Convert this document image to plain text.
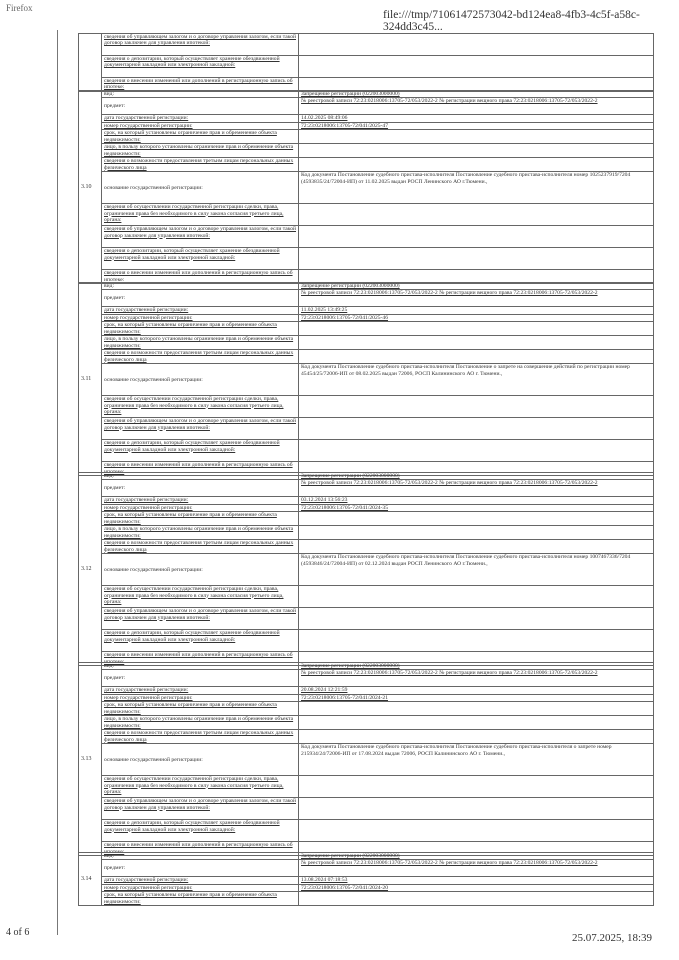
Firefox
file:///tmp/71061472573042-bd124ea8-4fb3-4c5f-a58c-324dd3c45...
	сведения об управляющем залогом и о договоре управления залогом, если такой договор заключен для управления ипотекой:	
	сведения о депозитарии, который осуществляет хранение обездвиженной документарной закладной или электронной закладной:	
	сведения о внесении изменений или дополнений в регистрационную запись об ипотеке:	
3.10	вид:	Запрещение регистрации (022003000000)
	предмет:	№ реестровой записи 72:23:0218006:13705-72/053/2022-2 № регистрации вещного права 72:23:0218006:13705-72/053/2022-2
	дата государственной регистрации:	14.02.2025 08:49:06
	номер государственной регистрации:	72:23:0218006:13705-72/041/2025-47
	срок, на который установлены ограничение прав и обременение объекта недвижимости:	
	лицо, в пользу которого установлены ограничение прав и обременение объекта недвижимости:	
	сведения о возможности предоставления третьим лицам персональных данных физического лица	
	основание государственной регистрации:	Код документа Постановление судебного пристава-исполнителя Постановление судебного пристава-исполнителя номер 1025237919/7204 (4593835/24/72004-ИП) от 11.02.2025 выдан РОСП Ленинского АО г.Тюмени.,
	сведения об осуществлении государственной регистрации сделки, права, ограничения права без необходимого в силу закона согласия третьего лица, органа:	
	сведения об управляющем залогом и о договоре управления залогом, если такой договор заключен для управления ипотекой:	
	сведения о депозитарии, который осуществляет хранение обездвиженной документарной закладной или электронной закладной:	
	сведения о внесении изменений или дополнений в регистрационную запись об ипотеке:	
3.11	вид:	Запрещение регистрации (022003000000)
	предмет:	№ реестровой записи 72:23:0218006:13705-72/053/2022-2 № регистрации вещного права 72:23:0218006:13705-72/053/2022-2
	дата государственной регистрации:	11.02.2025 13:49:25
	номер государственной регистрации:	72:23:0218006:13705-72/041/2025-46
	срок, на который установлены ограничение прав и обременение объекта недвижимости:	
	лицо, в пользу которого установлены ограничение прав и обременение объекта недвижимости:	
	сведения о возможности предоставления третьим лицам персональных данных физического лица	
	основание государственной регистрации:	Код документа Постановление судебного пристава-исполнителя Постановление о запрете на совершение действий по регистрации номер 45454/25/72006-ИП от 08.02.2025 выдан 72006, РОСП Калининского АО г. Тюмени.,
	сведения об осуществлении государственной регистрации сделки, права, ограничения права без необходимого в силу закона согласия третьего лица, органа:	
	сведения об управляющем залогом и о договоре управления залогом, если такой договор заключен для управления ипотекой:	
	сведения о депозитарии, который осуществляет хранение обездвиженной документарной закладной или электронной закладной:	
	сведения о внесении изменений или дополнений в регистрационную запись об ипотеке:	
3.12	вид:	Запрещение регистрации (022003000000)
	предмет:	№ реестровой записи 72:23:0218006:13705-72/053/2022-2 № регистрации вещного права 72:23:0218006:13705-72/053/2022-2
	дата государственной регистрации:	03.12.2024 13:56:23
	номер государственной регистрации:	72:23:0218006:13705-72/041/2024-35
	срок, на который установлены ограничение прав и обременение объекта недвижимости:	
	лицо, в пользу которого установлены ограничение прав и обременение объекта недвижимости:	
	сведения о возможности предоставления третьим лицам персональных данных физического лица	
	основание государственной регистрации:	Код документа Постановление судебного пристава-исполнителя Постановление судебного пристава-исполнителя номер 1007467336/7204 (4593846/24/72004-ИП) от 02.12.2024 выдан РОСП Ленинского АО г.Тюмени.,
	сведения об осуществлении государственной регистрации сделки, права, ограничения права без необходимого в силу закона согласия третьего лица, органа:	
	сведения об управляющем залогом и о договоре управления залогом, если такой договор заключен для управления ипотекой:	
	сведения о депозитарии, который осуществляет хранение обездвиженной документарной закладной или электронной закладной:	
	сведения о внесении изменений или дополнений в регистрационную запись об ипотеке:	
3.13	вид:	Запрещение регистрации (022003000000)
	предмет:	№ реестровой записи 72:23:0218006:13705-72/053/2022-2 № регистрации вещного права 72:23:0218006:13705-72/053/2022-2
	дата государственной регистрации:	20.08.2024 12:21:59
	номер государственной регистрации:	72:23:0218006:13705-72/041/2024-21
	срок, на который установлены ограничение прав и обременение объекта недвижимости:	
	лицо, в пользу которого установлены ограничение прав и обременение объекта недвижимости:	
	сведения о возможности предоставления третьим лицам персональных данных физического лица	
	основание государственной регистрации:	Код документа Постановление судебного пристава-исполнителя Постановление судебного пристава-исполнителя о запрете номер 215934/24/72006-ИП от 17.08.2024 выдан 72006, РОСП Калининского АО г. Тюмени.,
	сведения об осуществлении государственной регистрации сделки, права, ограничения права без необходимого в силу закона согласия третьего лица, органа:	
	сведения об управляющем залогом и о договоре управления залогом, если такой договор заключен для управления ипотекой:	
	сведения о депозитарии, который осуществляет хранение обездвиженной документарной закладной или электронной закладной:	
	сведения о внесении изменений или дополнений в регистрационную запись об ипотеке:	
3.14	вид:	Запрещение регистрации (022003000000)
	предмет:	№ реестровой записи 72:23:0218006:13705-72/053/2022-2 № регистрации вещного права 72:23:0218006:13705-72/053/2022-2
	дата государственной регистрации:	13.08.2024 07:18:53
	номер государственной регистрации:	72:23:0218006:13705-72/041/2024-20
	срок, на который установлены ограничение прав и обременение объекта недвижимости:	
4 of 6	25.07.2025, 18:39
